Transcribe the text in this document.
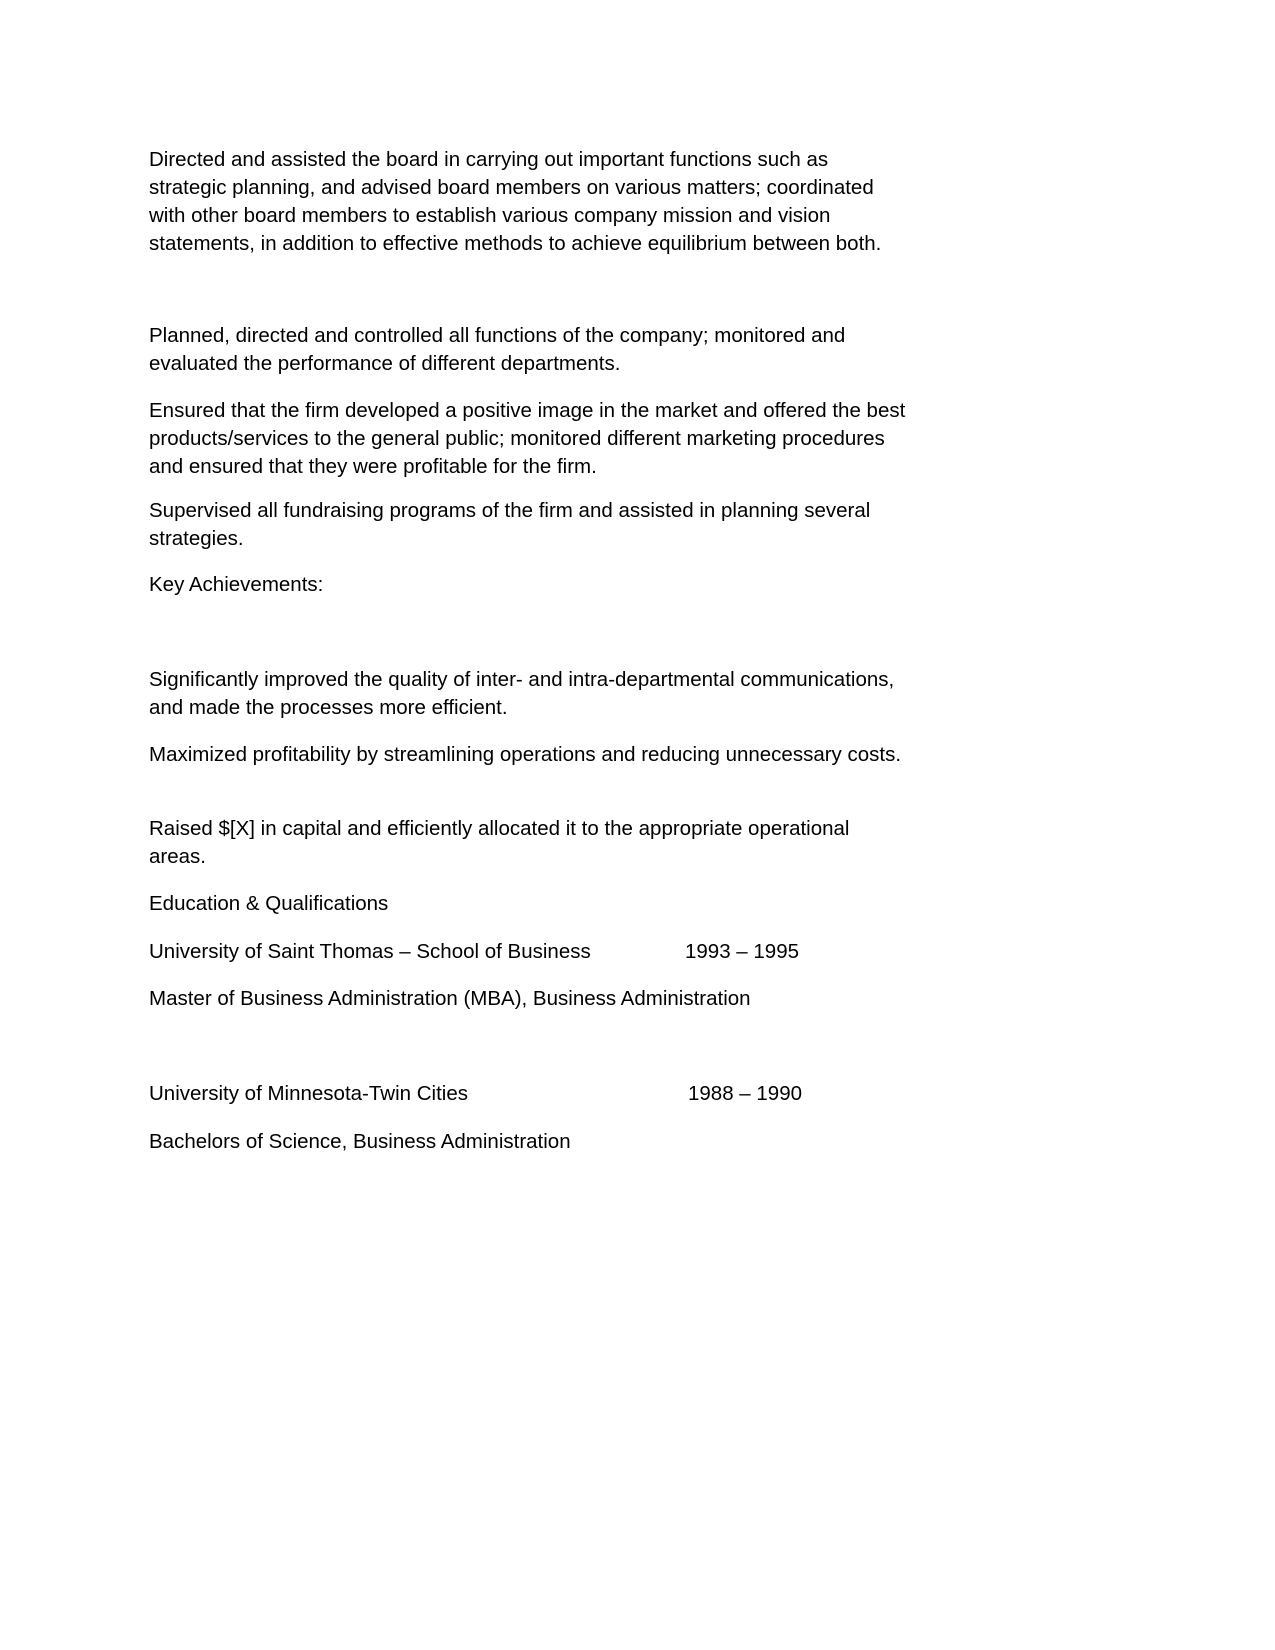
Directed and assisted the board in carrying out important functions such as strategic planning, and advised board members on various matters; coordinated with other board members to establish various company mission and vision statements, in addition to effective methods to achieve equilibrium between both.

Planned, directed and controlled all functions of the company; monitored and evaluated the performance of different departments.

Ensured that the firm developed a positive image in the market and offered the best products/services to the general public; monitored different marketing procedures and ensured that they were profitable for the firm.

Supervised all fundraising programs of the firm and assisted in planning several strategies.

Key Achievements:

Significantly improved the quality of inter- and intra-departmental communications, and made the processes more efficient.

Maximized profitability by streamlining operations and reducing unnecessary costs.

Raised $[X] in capital and efficiently allocated it to the appropriate operational areas.

Education & Qualifications

University of Saint Thomas – School of Business	1993 – 1995

Master of Business Administration (MBA), Business Administration

University of Minnesota-Twin Cities	1988 – 1990

Bachelors of Science, Business Administration
